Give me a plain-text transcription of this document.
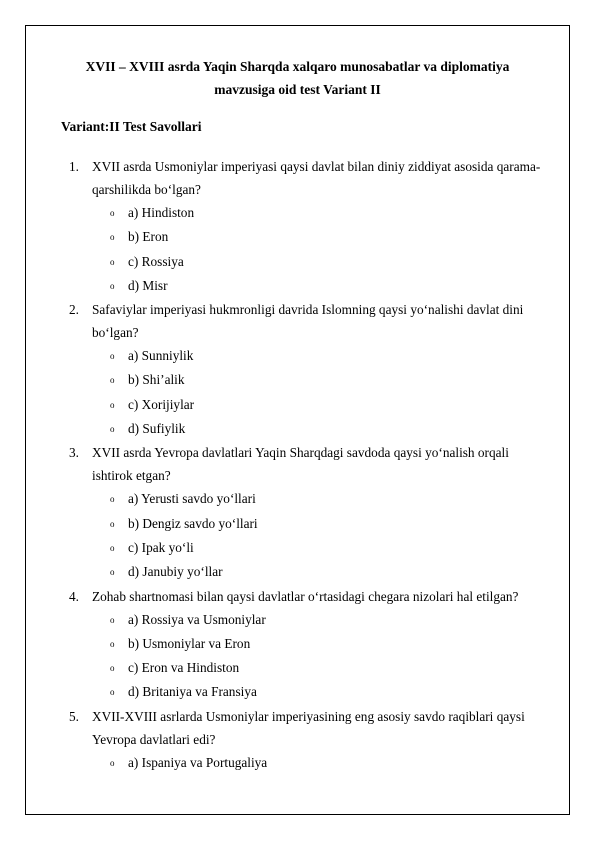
XVII – XVIII asrda Yaqin Sharqda xalqaro munosabatlar va diplomatiya mavzusiga oid test Variant II

Variant:II Test Savollari

1. XVII asrda Usmoniylar imperiyasi qaysi davlat bilan diniy ziddiyat asosida qarama-qarshilikda bo‘lgan?
o a) Hindiston
o b) Eron
o c) Rossiya
o d) Misr
2. Safaviylar imperiyasi hukmronligi davrida Islomning qaysi yo‘nalishi davlat dini bo‘lgan?
o a) Sunniylik
o b) Shi’alik
o c) Xorijiylar
o d) Sufiylik
3. XVII asrda Yevropa davlatlari Yaqin Sharqdagi savdoda qaysi yo‘nalish orqali ishtirok etgan?
o a) Yerusti savdo yo‘llari
o b) Dengiz savdo yo‘llari
o c) Ipak yo‘li
o d) Janubiy yo‘llar
4. Zohab shartnomasi bilan qaysi davlatlar o‘rtasidagi chegara nizolari hal etilgan?
o a) Rossiya va Usmoniylar
o b) Usmoniylar va Eron
o c) Eron va Hindiston
o d) Britaniya va Fransiya
5. XVII-XVIII asrlarda Usmoniylar imperiyasining eng asosiy savdo raqiblari qaysi Yevropa davlatlari edi?
o a) Ispaniya va Portugaliya
